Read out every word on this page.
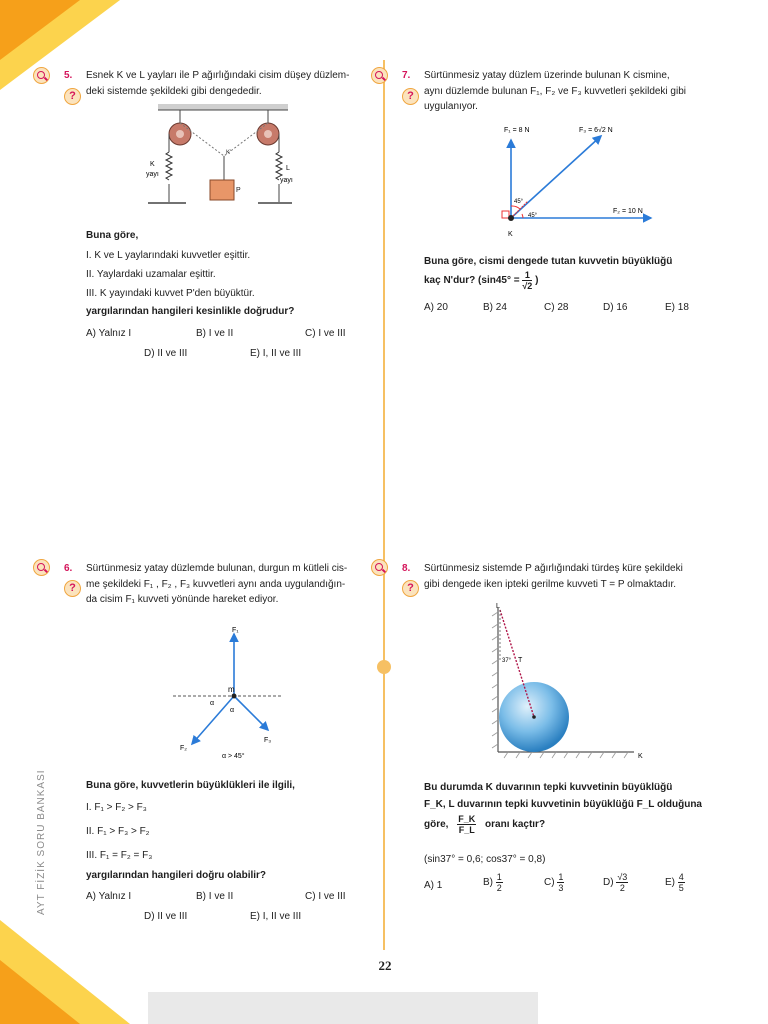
AYT FİZİK SORU BANKASI
5. Esnek K ve L yayları ile P ağırlığındaki cisim düşey düzlem-
deki sistemde şekildeki gibi dengededir.
?
K'
P
K
yayı
L
yayı
Buna göre,
I. K ve L yaylarındaki kuvvetler eşittir.
II. Yaylardaki uzamalar eşittir.
III. K yayındaki kuvvet P'den büyüktür.
yargılarından hangileri kesinlikle doğrudur?
A) Yalnız I	B) I ve II	C) I ve III
D) II ve III	E) I, II ve III
7. Sürtünmesiz yatay düzlem üzerinde bulunan K cismine,
aynı düzlemde bulunan F₁, F₂ ve F₃ kuvvetleri şekildeki gibi
uygulanıyor.
?
F₁ = 8 N	F₃ = 6√2 N
F₂ = 10 N
45°
45°
K
Buna göre, cismi dengede tutan kuvvetin büyüklüğü
kaç N'dur? ($\sin 45^\circ = \frac{1}{√2}$ )
A) 20	B) 24	C) 28	D) 16	E) 18
6. Sürtünmesiz yatay düzlemde bulunan, durgun m kütleli cis-
me şekildeki F₁ , F₂ , F₃ kuvvetleri aynı anda uygulandığın-
da cisim F₁ kuvveti yönünde hareket ediyor.
?
F₁
F₂
F₃
m
α
α
α > 45°
Buna göre, kuvvetlerin büyüklükleri ile ilgili,
I. F₁ > F₂ > F₃
II. F₁ > F₃ > F₂
III. F₁ = F₂ = F₃
yargılarından hangileri doğru olabilir?
A) Yalnız I	B) I ve II	C) I ve III
D) II ve III	E) I, II ve III
8. Sürtünmesiz sistemde P ağırlığındaki türdeş küre şekildeki
gibi dengede iken ipteki gerilme kuvveti T = P olmaktadır.
?
L
K
T
37°
Bu durumda K duvarının tepki kuvvetinin büyüklüğü
F_K, L duvarının tepki kuvvetinin büyüklüğü F_L olduğuna
göre, $\frac{F\_K}{F\_L}$ oranı kaçtır?
(sin37° = 0,6; cos37° = 0,8)
A) 1	$B) \frac{1}{2}$	$C) \frac{1}{3}$	$D) \frac{√3}{2}$	$E) \frac{4}{5}$
22
